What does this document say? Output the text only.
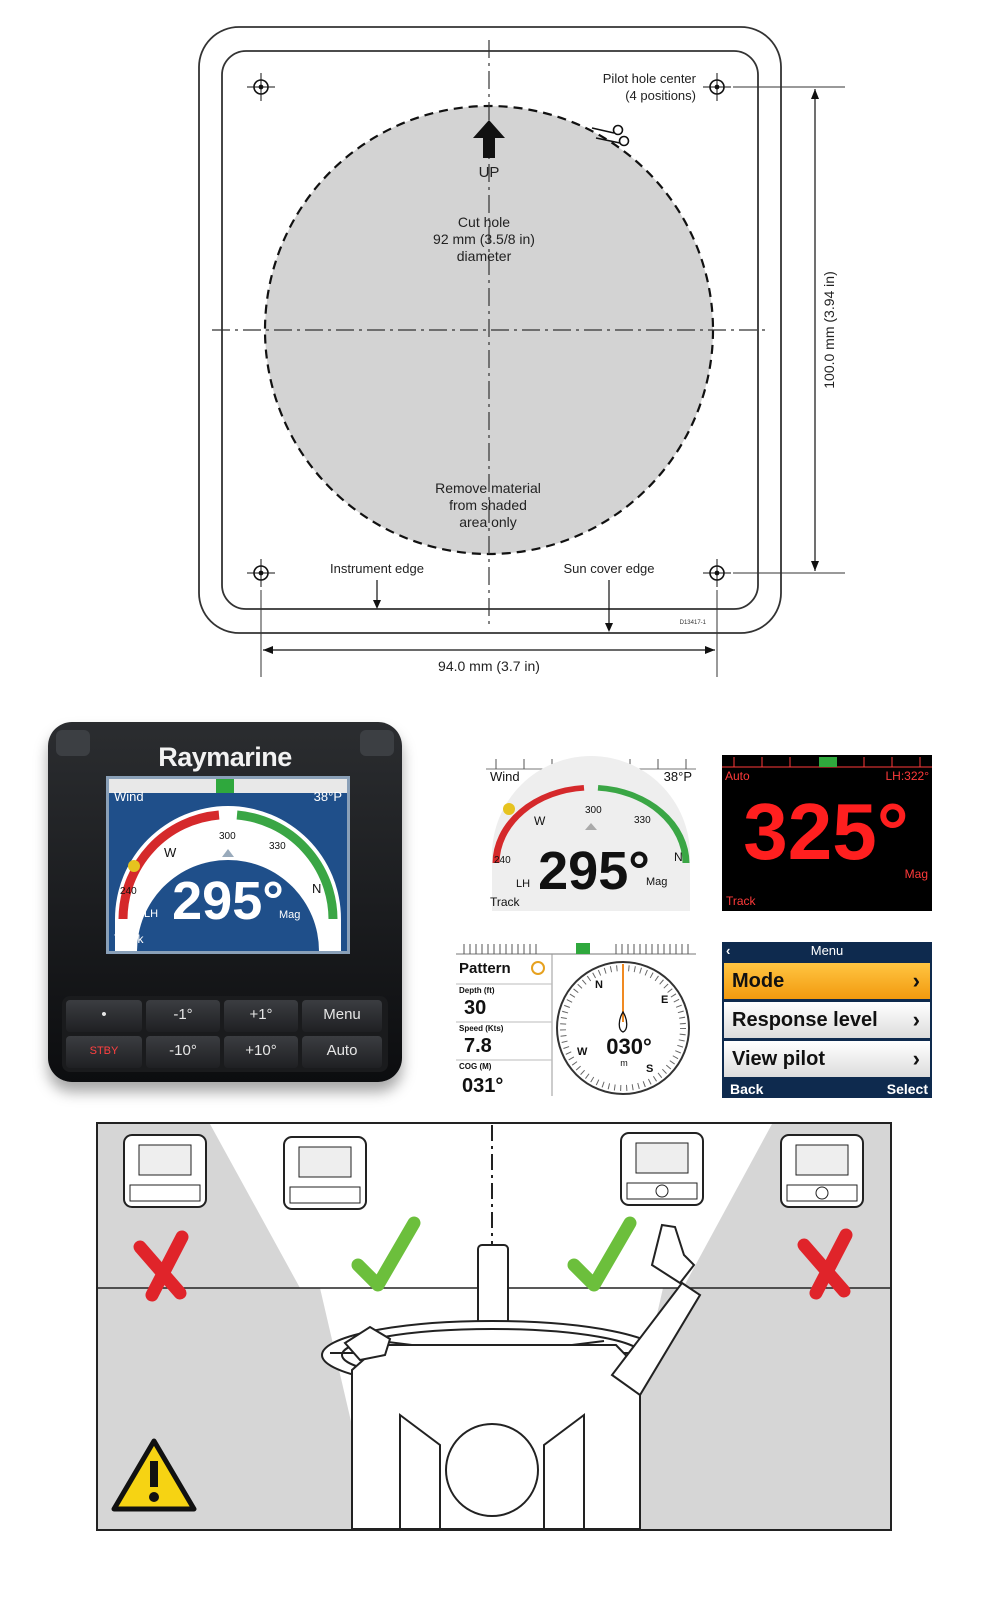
Pilot hole center
(4 positions)
UP
Cut hole
92 mm (3.5/8 in)
diameter
Remove material
from shaded
area only
Instrument edge	Sun cover edge
D13417-1
94.0 mm (3.7 in)
100.0 mm (3.94 in)
Raymarine
Wind	38°P
300
330
240
W
N
295°
LH	Mag
Track
•	-1°	+1°	Menu
STBY	-10°	+10°	Auto
Wind	38°P
300
330
240
W
N
295°
LH	Mag
Track
Auto	LH:322°
325°
Mag
Track
Pattern
Depth (ft)
30
Speed (Kts)
7.8
COG (M)
031°
N
E
S
W 030°
m
‹	Menu
Mode	›
Response level ›
View pilot	›
Back	Select
